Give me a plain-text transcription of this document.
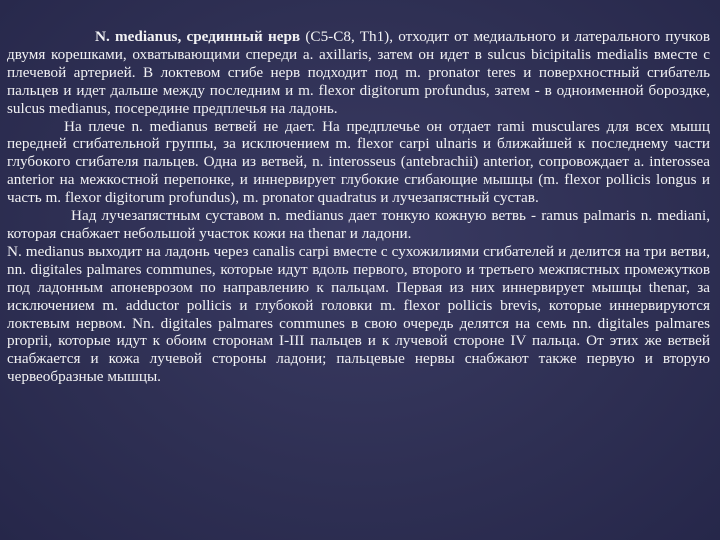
N. medianus, срединный нерв (C5-C8, Th1), отходит от медиального и латерального пучков двумя корешками, охватывающими спереди a. axillaris, затем он идет в sulcus bicipitalis medialis вместе с плечевой артерией. В локтевом сгибе нерв подходит под m. pronator teres и поверхностный сгибатель пальцев и идет дальше между последним и m. flexor digitorum profundus, затем - в одноименной бороздке, sulcus medianus, посередине предплечья на ладонь.

На плече n. medianus ветвей не дает. На предплечье он отдает rami musculares для всех мышц передней сгибательной группы, за исключением m. flexor carpi ulnaris и ближайшей к последнему части глубокого сгибателя пальцев. Одна из ветвей, n. interosseus (antebrachii) anterior, сопровождает a. interossea anterior на межкостной перепонке, и иннервирует глубокие сгибающие мышцы (m. flexor pollicis longus и часть m. flexor digitorum profundus), m. pronator quadratus и лучезапястный сустав.

Над лучезапястным суставом n. medianus дает тонкую кожную ветвь - ramus palmaris n. mediani, которая снабжает небольшой участок кожи на thenar и ладони.

N. medianus выходит на ладонь через canalis carpi вместе с сухожилиями сгибателей и делится на три ветви, nn. digitales palmares communes, которые идут вдоль первого, второго и третьего межпястных промежутков под ладонным апоневрозом по направлению к пальцам. Первая из них иннервирует мышцы thenar, за исключением m. adductor pollicis и глубокой головки m. flexor pollicis brevis, которые иннервируются локтевым нервом. Nn. digitales palmares communes в свою очередь делятся на семь nn. digitales palmares proprii, которые идут к обоим сторонам I-III пальцев и к лучевой стороне IV пальца. От этих же ветвей снабжается и кожа лучевой стороны ладони; пальцевые нервы снабжают также первую и вторую червеобразные мышцы.
